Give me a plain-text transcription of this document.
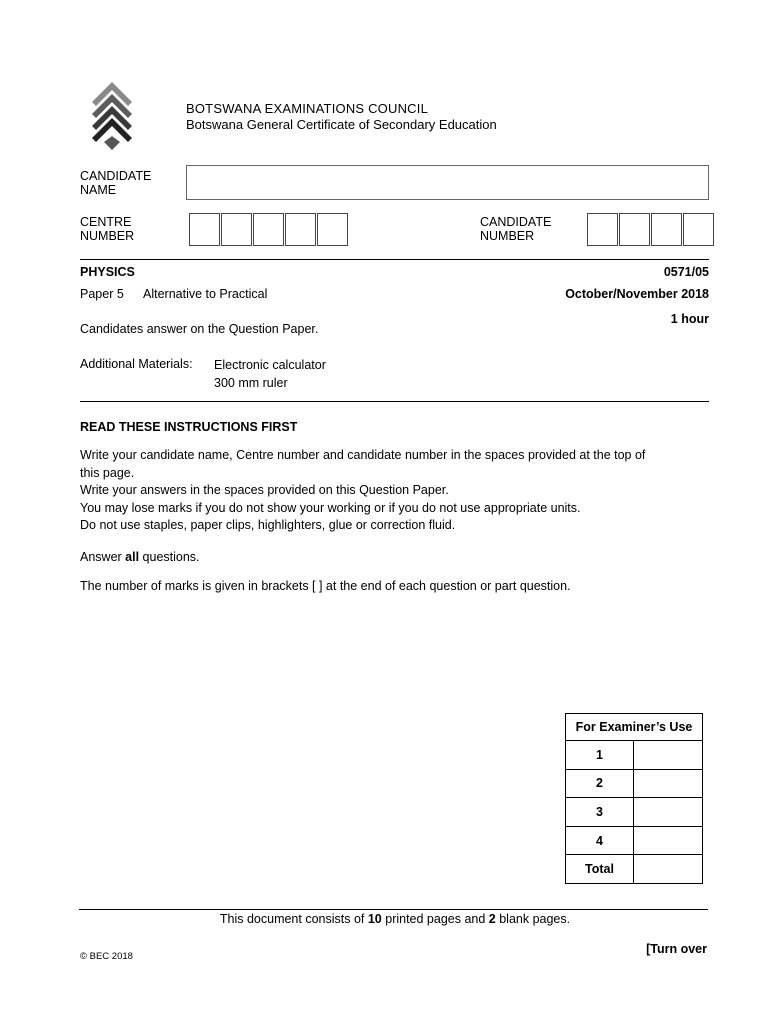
BOTSWANA EXAMINATIONS COUNCIL
Botswana General Certificate of Secondary Education
CANDIDATE
NAME
CENTRE
NUMBER
CANDIDATE
NUMBER
PHYSICS	0571/05
Paper 5 Alternative to Practical	October/November 2018
1 hour
Candidates answer on the Question Paper.
Additional Materials: Electronic calculator
300 mm ruler
READ THESE INSTRUCTIONS FIRST

Write your candidate name, Centre number and candidate number in the spaces provided at the top of

this page.

Write your answers in the spaces provided on this Question Paper.

You may lose marks if you do not show your working or if you do not use appropriate units.

Do not use staples, paper clips, highlighters, glue or correction fluid.

Answer all questions.
The number of marks is given in brackets [ ] at the end of each question or part question.
For Examiner’s Use	
1	
2	
3	
4	
Total	
This document consists of 10 printed pages and 2 blank pages.
© BEC 2018
[Turn over
